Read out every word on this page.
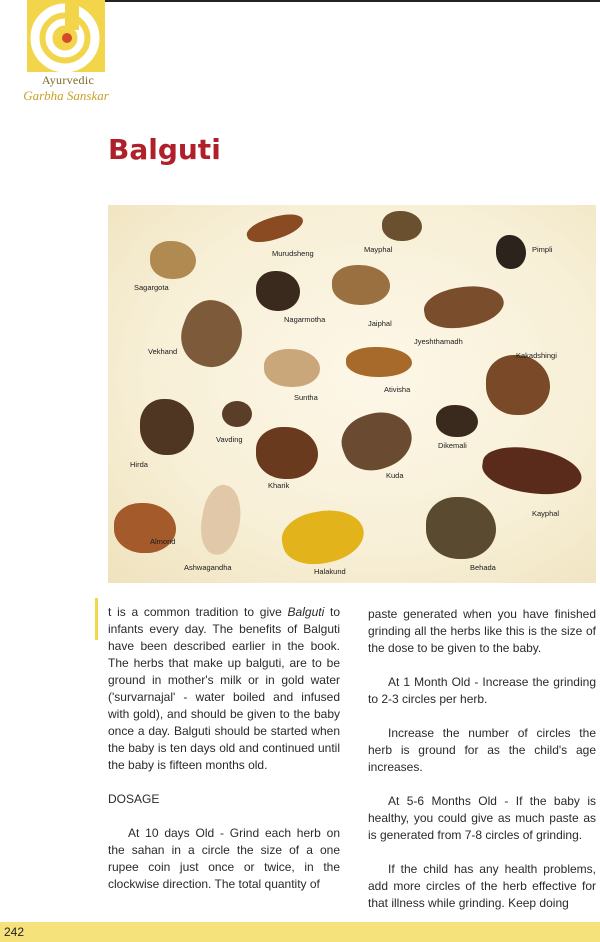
Ayurvedic
Garbha Sanskar
Balguti
Murudsheng	Mayphal	Pimpli
Sagargota
Nagarmotha	Jaiphal
Jyeshthamadh
Vekhand	Kakadshingi
Suntha
Ativisha
Vavding
Hirda
Dikemali
Kharik
Kuda
Kayphal
Almond
Ashwagandha	Halakund	Behada

t is a common tradition to give Balguti to infants every day. The benefits of Balguti have been described earlier in the book. The herbs that make up balguti, are to be ground in mother's milk or in gold water ('survarnajal' - water boiled and infused with gold), and should be given to the baby once a day. Balguti should be started when the baby is ten days old and continued until the baby is fifteen months old.

DOSAGE

At 10 days Old - Grind each herb on the sahan in a circle the size of a one rupee coin just once or twice, in the clockwise direction. The total quantity of

paste generated when you have finished grinding all the herbs like this is the size of the dose to be given to the baby.

At 1 Month Old - Increase the grinding to 2-3 circles per herb.

Increase the number of circles the herb is ground for as the child's age increases.

At 5-6 Months Old - If the baby is healthy, you could give as much paste as is generated from 7-8 circles of grinding.

If the child has any health problems, add more circles of the herb effective for that illness while grinding. Keep doing

242
